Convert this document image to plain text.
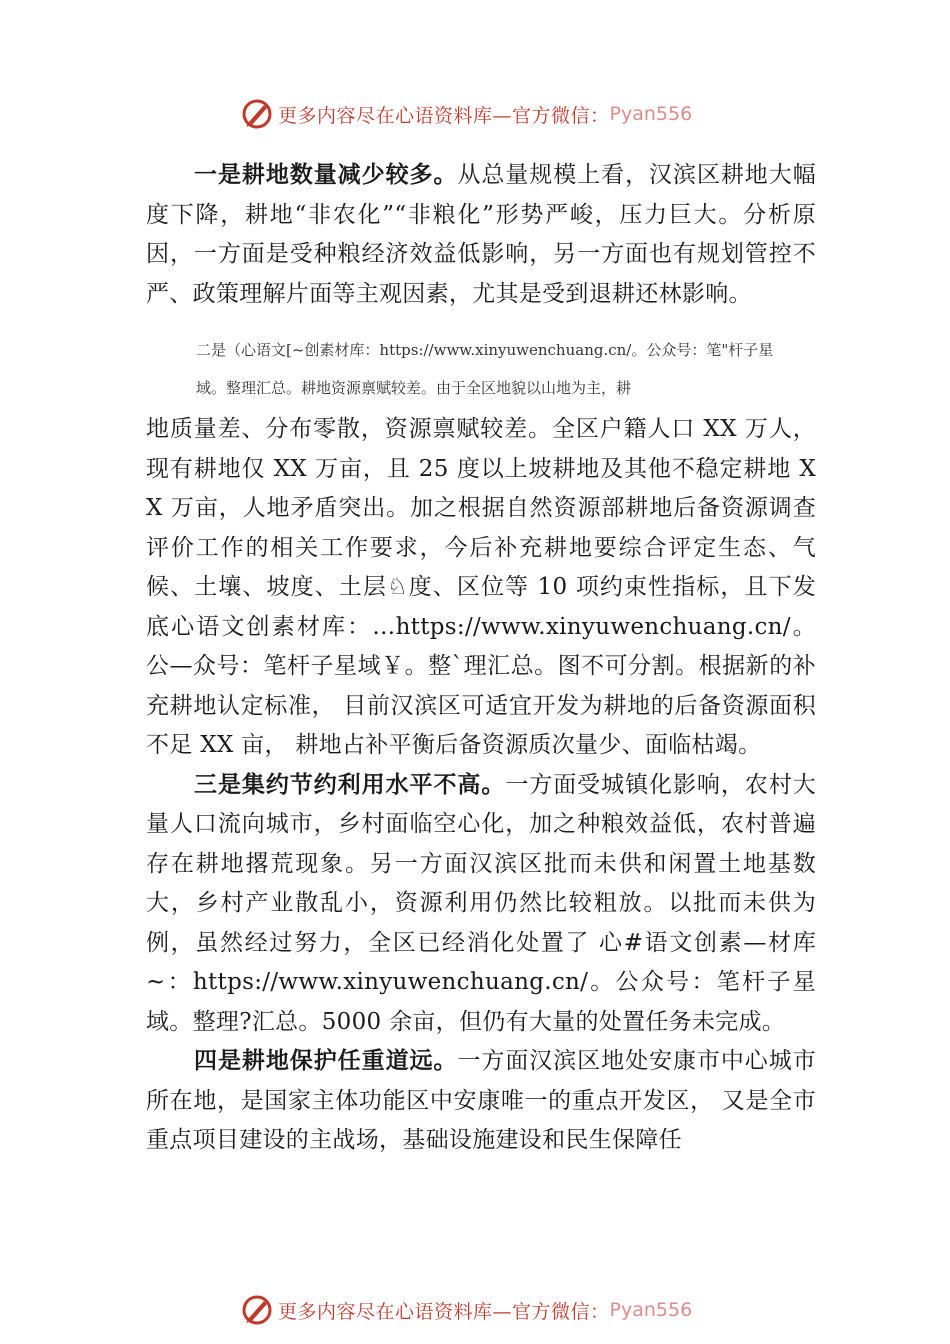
更多内容尽在心语资料库—官方微信： Pyan556

一是耕地数量减少较多。从总量规模上看，汉滨区耕地大幅度下降，耕地“非农化”“非粮化”形势严峻，压力巨大。分析原因，一方面是受种粮经济效益低影响，另一方面也有规划管控不严、政策理解片面等主观因素，尤其是受到退耕还林影响。

二是（心语文[~创素材库：https://www.xinyuwenchuang.cn/。公众号：笔"杆子星

域。整理汇总。耕地资源禀赋较差。由于全区地貌以山地为主，耕

地质量差、分布零散，资源禀赋较差。全区户籍人口 XX 万人，现有耕地仅 XX 万亩，且 25 度以上坡耕地及其他不稳定耕地 XX 万亩，人地矛盾突出。加之根据自然资源部耕地后备资源调查评价工作的相关工作要求，今后补充耕地要综合评定生态、气候、土壤、坡度、土层♘度、区位等 10 项约束性指标，且下发底心语文创素材库：…https://www.xinyuwenchuang.cn/。公—众号：笔杆子星域￥。整`理汇总。图不可分割。根据新的补充耕地认定标准， 目前汉滨区可适宜开发为耕地的后备资源面积不足 XX 亩， 耕地占补平衡后备资源质次量少、面临枯竭。

三是集约节约利用水平不高。一方面受城镇化影响，农村大量人口流向城市，乡村面临空心化，加之种粮效益低，农村普遍存在耕地撂荒现象。另一方面汉滨区批而未供和闲置土地基数大，乡村产业散乱小，资源利用仍然比较粗放。以批而未供为例，虽然经过努力，全区已经消化处置了 心#语文创素—材库~：https://www.xinyuwenchuang.cn/。公众号：笔杆子星域。整理?汇总。5000 余亩，但仍有大量的处置任务未完成。

四是耕地保护任重道远。一方面汉滨区地处安康市中心城市所在地，是国家主体功能区中安康唯一的重点开发区， 又是全市重点项目建设的主战场，基础设施建设和民生保障任

更多内容尽在心语资料库—官方微信： Pyan556
